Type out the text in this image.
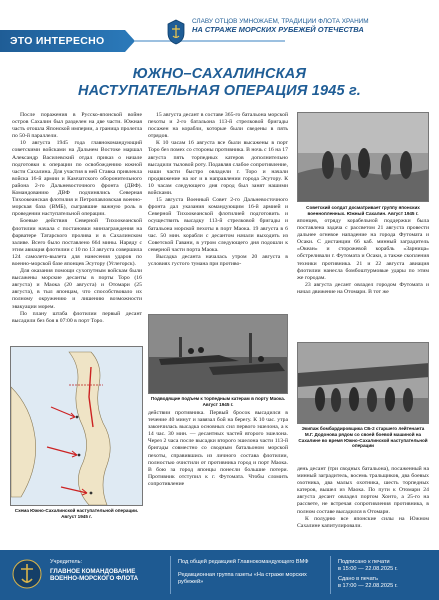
ЭТО ИНТЕРЕСНО
СЛАВУ ОТЦОВ УМНОЖАЕМ, ТРАДИЦИИ ФЛОТА ХРАНИМ
НА СТРАЖЕ МОРСКИХ РУБЕЖЕЙ ОТЕЧЕСТВА
ЮЖНО–САХАЛИНСКАЯ
НАСТУПАТЕЛЬНАЯ ОПЕРАЦИЯ 1945 г.

После поражения в Русско-японской войне остров Сахалин был разделен на две части. Южная часть отошла Японской империи, а граница пролегла по 50-й параллели.

10 августа 1945 года главнокомандующий советскими войсками на Дальнем Востоке маршал Александр Василевский отдал приказ о начале подготовки к операции по освобождению южной части Сахалина. Для участия в ней Ставка привлекла войска 16-й армии и Камчатского оборонительного района 2-го Дальневосточного фронта (ДВФ). Командованию ДВФ подчинялись Северная Тихоокеанская флотилия и Петропавловская военно-морская база (ВМБ), сыгравшие важную роль в проведении наступательной операции.

Боевые действия Северной Тихоокеанской флотилии начала с постановки минзаграждения на фарватере Татарского пролива и в Сахалинском заливе. Всего было поставлено 664 мины. Наряду с этим авиация флотилии с 10 по 13 августа совершила 124 самолето-вылета для нанесения ударов по военно-морской базе японцев Эсутору (Углегорск).

Для оказания помощи сухопутным войскам были высажены морские десанты в порты Торо (16 августа) и Маока (20 августа) и Отомари (25 августа), в тыл японцам, что способствовало их полному окружению и лишению возможности эвакуации морем.

По плану штаба флотилии первый десант высадили без боя в 07:00 в порт Торо.

Схема Южно-Сахалинской наступательной операции. Август 1945 г.

15 августа десант в составе 365-го батальона морской пехоты и 2-го батальона 113-й стрелковой бригады посажен на корабли, которые были сведены в пять отрядов.

К 10 часам 16 августа все были высажены в порт Торо без помех со стороны противника. В ночь с 16 на 17 августа пять торпедных катеров дополнительно высадили тыловой роту. Подавляя слабое сопротивление, наши части быстро овладели г. Торо и начали продвижение на юг и в направлении города Эсутору. К 10 часам следующего дня город был занят нашими войсками.

15 августа Военный Совет 2-го Дальневосточного фронта дал указания командующим 16-й армией и Северной Тихоокеанской флотилией подготовить и осуществить высадку 113-й стрелковой бригады и батальона морской пехоты в порт Маока. 19 августа в 6 час. 50 мин. корабли с десантом начали выходить из Советской Гавани, в утром следующего дня подошли к северной части порта Маока.

Высадка десанта началась утром 20 августа в условиях густого тумана при противо-

Подводящие подъем к торпедным катерам в порту Маока. Август 1945 г.

действии противника. Первый бросок высадился в течение 40 минут и завязал бой на берегу. К 10 час. утра закончилась высадка основных сил первого эшелона, а к 14 час. 30 мин. — десантных частей второго эшелона. Через 2 часа после высадки второго эшелона части 113-й бригады совместно со сводным батальоном морской пехоты, справившись из личного состава флотилии, полностью очистили от противника город и порт Маока. В бою за город японцы понесли большие потери. Противник отступил к г. Футомата. Чтобы сломить сопротивление

Советский солдат досматривает группу японских военнопленных. Южный Сахалин. Август 1945 г.

японцев, отряду корабельной поддержки была поставлена задача с рассветом 21 августа провести дальнее огневое нападение на города Футомата и Осаки. С дистанции 66 каб. минный заградитель «Океан» и сторожевой корабль «Зарница» обстреливали г. Футомата и Осаки, а также скопления техники противника. 21 и 22 августа авиация флотилии нанесла бомбоштурмовые удары по этим же городам.

23 августа десант овладел городом Футомата и начал движение на Отомари. В тот же

Экипаж бомбардировщика СБ-2 старшего лейтенанта М.Г. Додонова рядом со своей боевой машиной на Сахалине во время Южно-Сахалинской наступательной операции

день десант (три сводных батальона), посаженный на минный заградитель, восемь тральщиков, два боевых охотника, два малых охотника, шесть торпедных катеров, вышел из Маока. По пути к Отомари 24 августа десант овладел портом Хонто, а 25-го на рассвете, не встречая сопротивления противника, в полном составе высадился в Отомари.

К полудню все японские силы на Южном Сахалине капитулировали.

Учредитель:
ГЛАВНОЕ КОМАНДОВАНИЕ ВОЕННО-МОРСКОГО ФЛОТА
Под общей редакцией Главнокомандующего ВМФ
Редакционная группа газеты «На страже морских рубежей»
Подписано к печати
в 15:00 — 22.08.2025 г.
Сдано в печать
в 17:00 — 22.08.2025 г.
